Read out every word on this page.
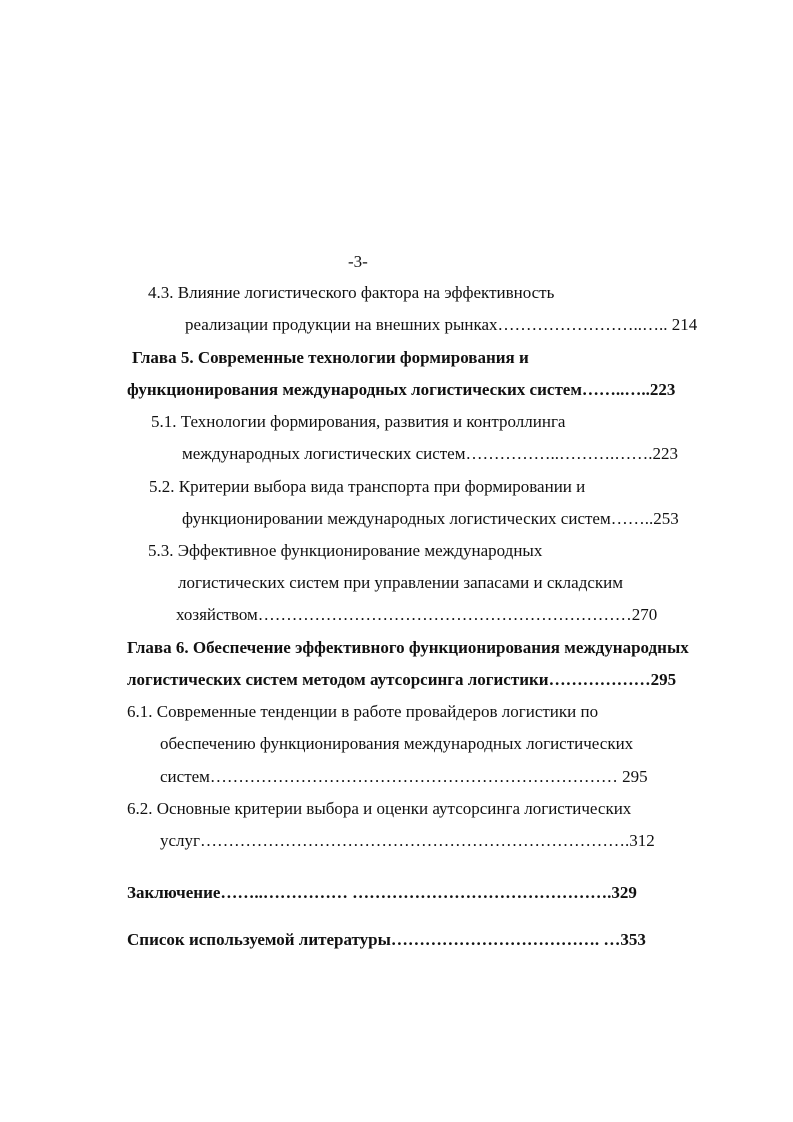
-3-
4.3. Влияние логистического фактора на эффективность
реализации продукции на внешних рынках……………………..….. 214
Глава 5. Современные технологии формирования и
функционирования международных логистических систем……..…..223
5.1. Технологии формирования, развития и контроллинга
международных логистических систем……………..……….…….223
5.2. Критерии выбора вида транспорта при формировании и
функционировании международных логистических систем……..253
5.3. Эффективное функционирование международных
логистических систем при управлении запасами и складским
хозяйством…………………………………………………………270
Глава 6. Обеспечение эффективного функционирования международных
логистических систем методом аутсорсинга логистики………………295
6.1. Современные тенденции в работе провайдеров логистики по
обеспечению функционирования международных логистических
систем……………………………………………………………… 295
6.2. Основные критерии выбора и оценки аутсорсинга логистических
услуг………………………………………………………………….312
Заключение……..…………… ……………………………………….329
Список используемой литературы………………………………. …353
